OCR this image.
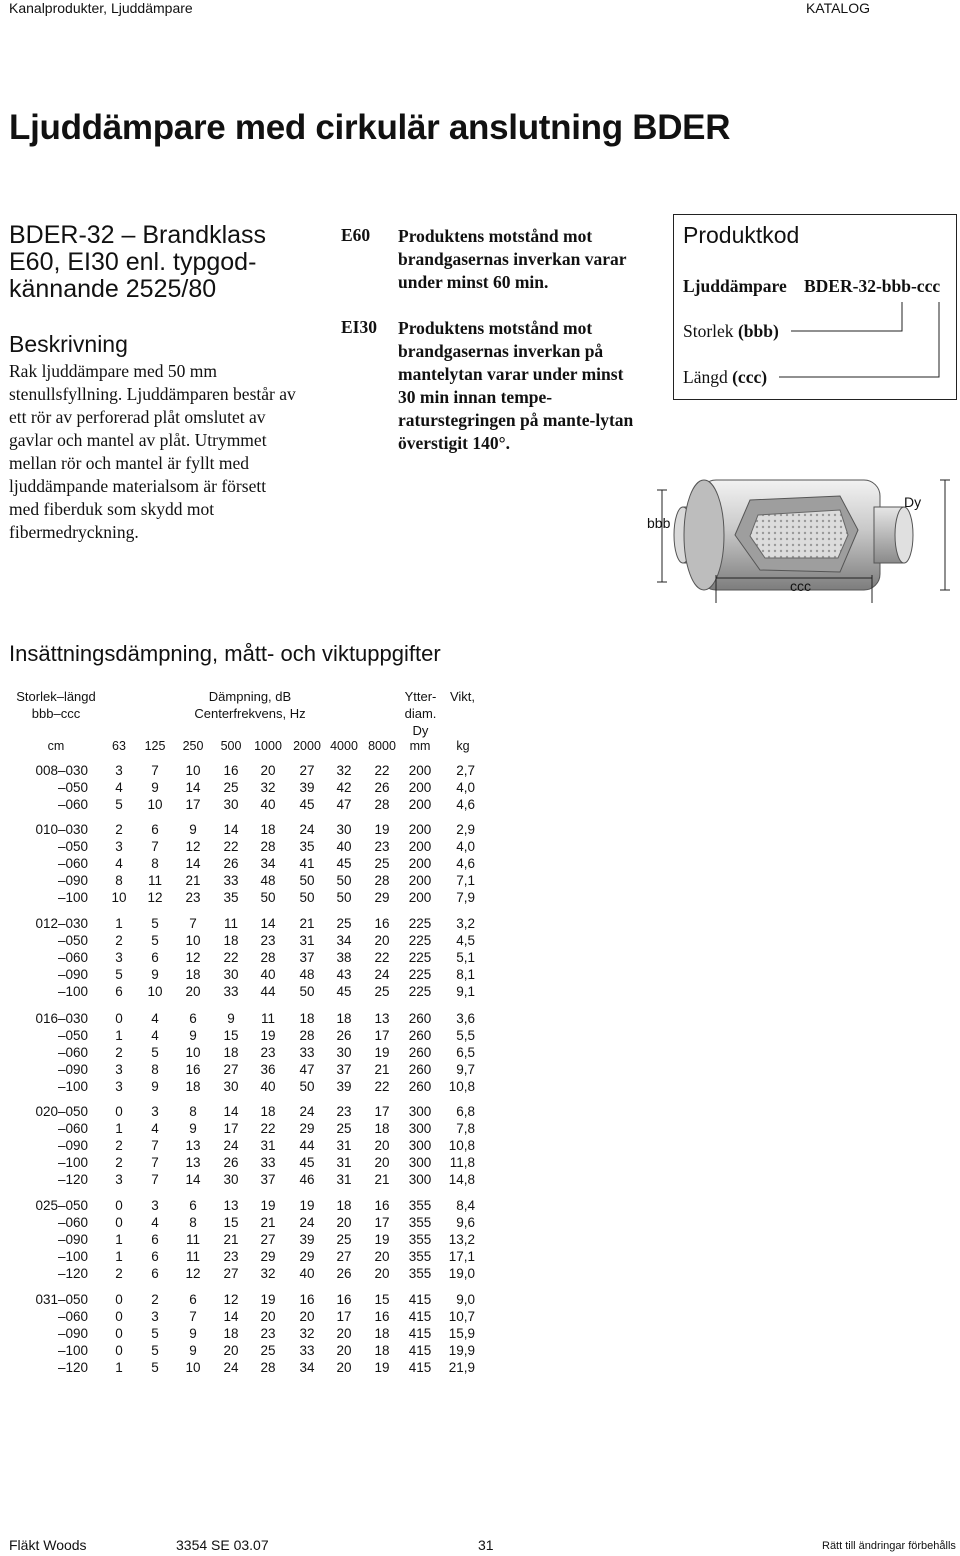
Kanalprodukter, Ljuddämpare	KATALOG
Ljuddämpare med cirkulär anslutning BDER
BDER-32 – Brandklass E60, EI30 enl. typgod-kännande 2525/80
Beskrivning
Rak ljuddämpare med 50 mm stenullsfyllning. Ljuddämparen består av ett rör av perforerad plåt omslutet av gavlar och mantel av plåt. Utrymmet mellan rör och mantel är fyllt med ljuddämpande materialsom är försett med fiberduk som skydd mot fibermedryckning.
E60 Produktens motstånd mot brandgasernas inverkan varar under minst 60 min.
EI30 Produktens motstånd mot brandgasernas inverkan på mantelytan varar under minst 30 min innan tempe-raturstegringen på mante-lytan överstigit 140°.
Produktkod
Ljuddämpare BDER-32-bbb-ccc
Storlek (bbb)
Längd (ccc)
bbb
Dy
ccc
Insättningsdämpning, mått- och viktuppgifter
Storlek–längd
bbb–ccc
Dämpning, dB
Centerfrekvens, Hz
Ytter-
diam.
Dy
Vikt,
cm	63	125	250	500	1000 2000 4000 8000	mm	kg
008–030	3	7	10	16	20	27	32	22	200	2,7
–050	4	9	14	25	32	39	42	26	200	4,0
–060	5	10	17	30	40	45	47	28	200	4,6
010–030	2	6	9	14	18	24	30	19	200	2,9
–050	3	7	12	22	28	35	40	23	200	4,0
–060	4	8	14	26	34	41	45	25	200	4,6
–090	8	11	21	33	48	50	50	28	200	7,1
–100	10	12	23	35	50	50	50	29	200	7,9
012–030	1	5	7	11	14	21	25	16	225	3,2
–050	2	5	10	18	23	31	34	20	225	4,5
–060	3	6	12	22	28	37	38	22	225	5,1
–090	5	9	18	30	40	48	43	24	225	8,1
–100	6	10	20	33	44	50	45	25	225	9,1
016–030	0	4	6	9	11	18	18	13	260	3,6
–050	1	4	9	15	19	28	26	17	260	5,5
–060	2	5	10	18	23	33	30	19	260	6,5
–090	3	8	16	27	36	47	37	21	260	9,7
–100	3	9	18	30	40	50	39	22	260	10,8
020–050	0	3	8	14	18	24	23	17	300	6,8
–060	1	4	9	17	22	29	25	18	300	7,8
–090	2	7	13	24	31	44	31	20	300	10,8
–100	2	7	13	26	33	45	31	20	300	11,8
–120	3	7	14	30	37	46	31	21	300	14,8
025–050	0	3	6	13	19	19	18	16	355	8,4
–060	0	4	8	15	21	24	20	17	355	9,6
–090	1	6	11	21	27	39	25	19	355	13,2
–100	1	6	11	23	29	29	27	20	355	17,1
–120	2	6	12	27	32	40	26	20	355	19,0
031–050	0	2	6	12	19	16	16	15	415	9,0
–060	0	3	7	14	20	20	17	16	415	10,7
–090	0	5	9	18	23	32	20	18	415	15,9
–100	0	5	9	20	25	33	20	18	415	19,9
–120	1	5	10	24	28	34	20	19	415	21,9
Fläkt Woods	3354 SE 03.07	31	Rätt till ändringar förbehålls
